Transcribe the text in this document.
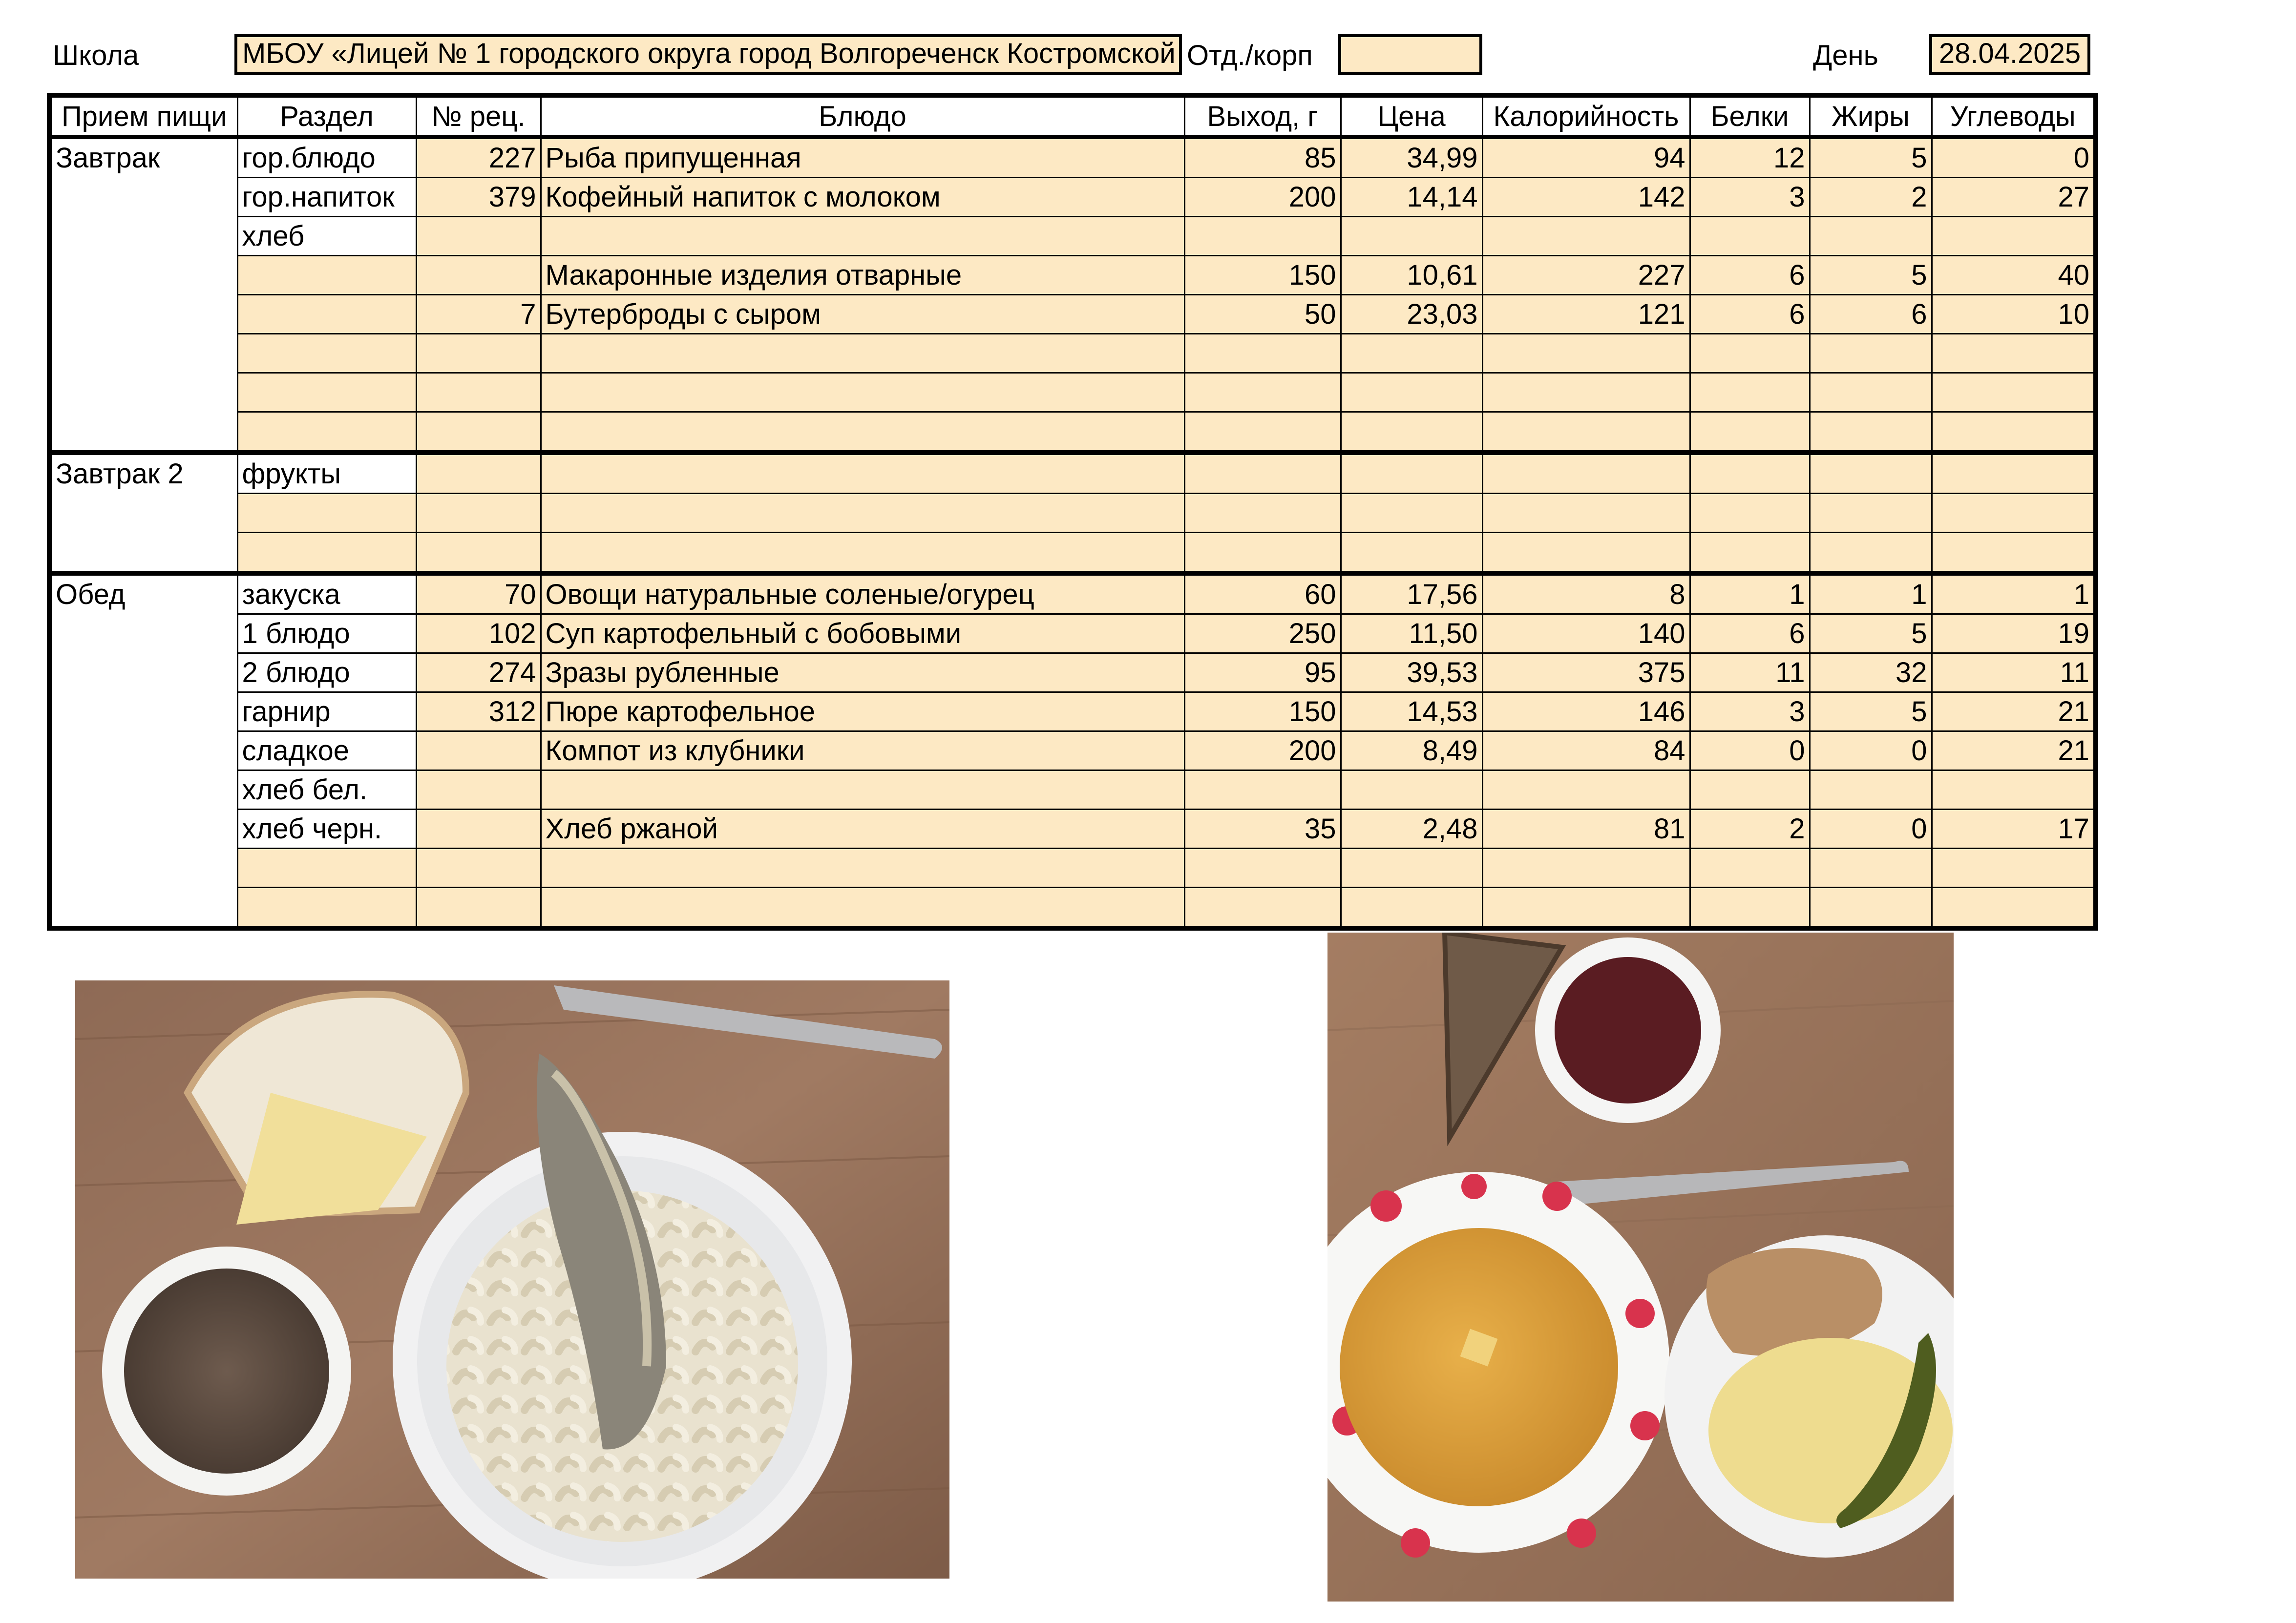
Школа	МБОУ «Лицей № 1 городского округа город Волгореченск Костромской Отд./корп	День	28.04.2025
Прием пищи	Раздел	№ рец.	Блюдо	Выход, г	Цена	Калорийность	Белки	Жиры	Углеводы
Завтрак	гор.блюдо	227	Рыба припущенная	85	34,99	94	12	5	0
	гор.напиток	379	Кофейный напиток с молоком	200	14,14	142	3	2	27
	хлеб								
			Макаронные изделия отварные	150	10,61	227	6	5	40
		7	Бутерброды с сыром	50	23,03	121	6	6	10

Завтрак 2	фрукты								

Обед	закуска	70	Овощи натуральные соленые/огурец	60	17,56	8	1	1	1
	1 блюдо	102	Суп картофельный с бобовыми	250	11,50	140	6	5	19
	2 блюдо	274	Зразы рубленные	95	39,53	375	11	32	11
	гарнир	312	Пюре картофельное	150	14,53	146	3	5	21
	сладкое		Компот из клубники	200	8,49	84	0	0	21
	хлеб бел.								
	хлеб черн.		Хлеб ржаной	35	2,48	81	2	0	17
